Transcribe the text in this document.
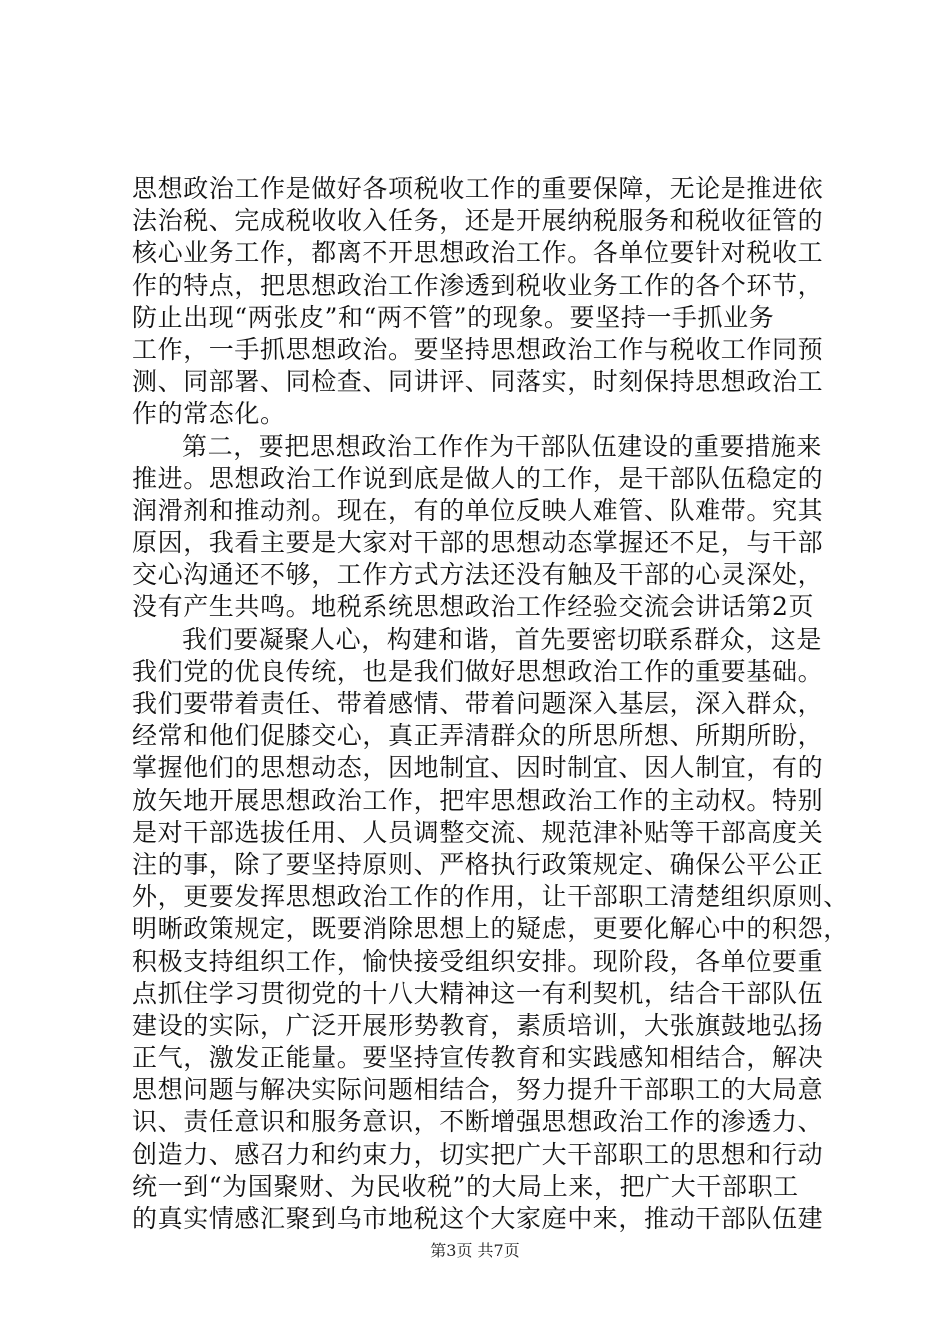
思想政治工作是做好各项税收工作的重要保障，无论是推进依
法治税、完成税收收入任务，还是开展纳税服务和税收征管的
核心业务工作，都离不开思想政治工作。各单位要针对税收工
作的特点，把思想政治工作渗透到税收业务工作的各个环节，
防止出现“两张皮”和“两不管”的现象。要坚持一手抓业务
工作，一手抓思想政治。要坚持思想政治工作与税收工作同预
测、同部署、同检查、同讲评、同落实，时刻保持思想政治工
作的常态化。
第二，要把思想政治工作作为干部队伍建设的重要措施来
推进。思想政治工作说到底是做人的工作，是干部队伍稳定的
润滑剂和推动剂。现在，有的单位反映人难管、队难带。究其
原因，我看主要是大家对干部的思想动态掌握还不足，与干部
交心沟通还不够，工作方式方法还没有触及干部的心灵深处，
没有产生共鸣。地税系统思想政治工作经验交流会讲话第2页
我们要凝聚人心，构建和谐，首先要密切联系群众，这是
我们党的优良传统，也是我们做好思想政治工作的重要基础。
我们要带着责任、带着感情、带着问题深入基层，深入群众，
经常和他们促膝交心，真正弄清群众的所思所想、所期所盼，
掌握他们的思想动态，因地制宜、因时制宜、因人制宜，有的
放矢地开展思想政治工作，把牢思想政治工作的主动权。特别
是对干部选拔任用、人员调整交流、规范津补贴等干部高度关
注的事，除了要坚持原则、严格执行政策规定、确保公平公正
外，更要发挥思想政治工作的作用，让干部职工清楚组织原则、
明晰政策规定，既要消除思想上的疑虑，更要化解心中的积怨，
积极支持组织工作，愉快接受组织安排。现阶段，各单位要重
点抓住学习贯彻党的十八大精神这一有利契机，结合干部队伍
建设的实际，广泛开展形势教育，素质培训，大张旗鼓地弘扬
正气，激发正能量。要坚持宣传教育和实践感知相结合，解决
思想问题与解决实际问题相结合，努力提升干部职工的大局意
识、责任意识和服务意识，不断增强思想政治工作的渗透力、
创造力、感召力和约束力，切实把广大干部职工的思想和行动
统一到“为国聚财、为民收税”的大局上来，把广大干部职工
的真实情感汇聚到乌市地税这个大家庭中来，推动干部队伍建
第3页 共7页
